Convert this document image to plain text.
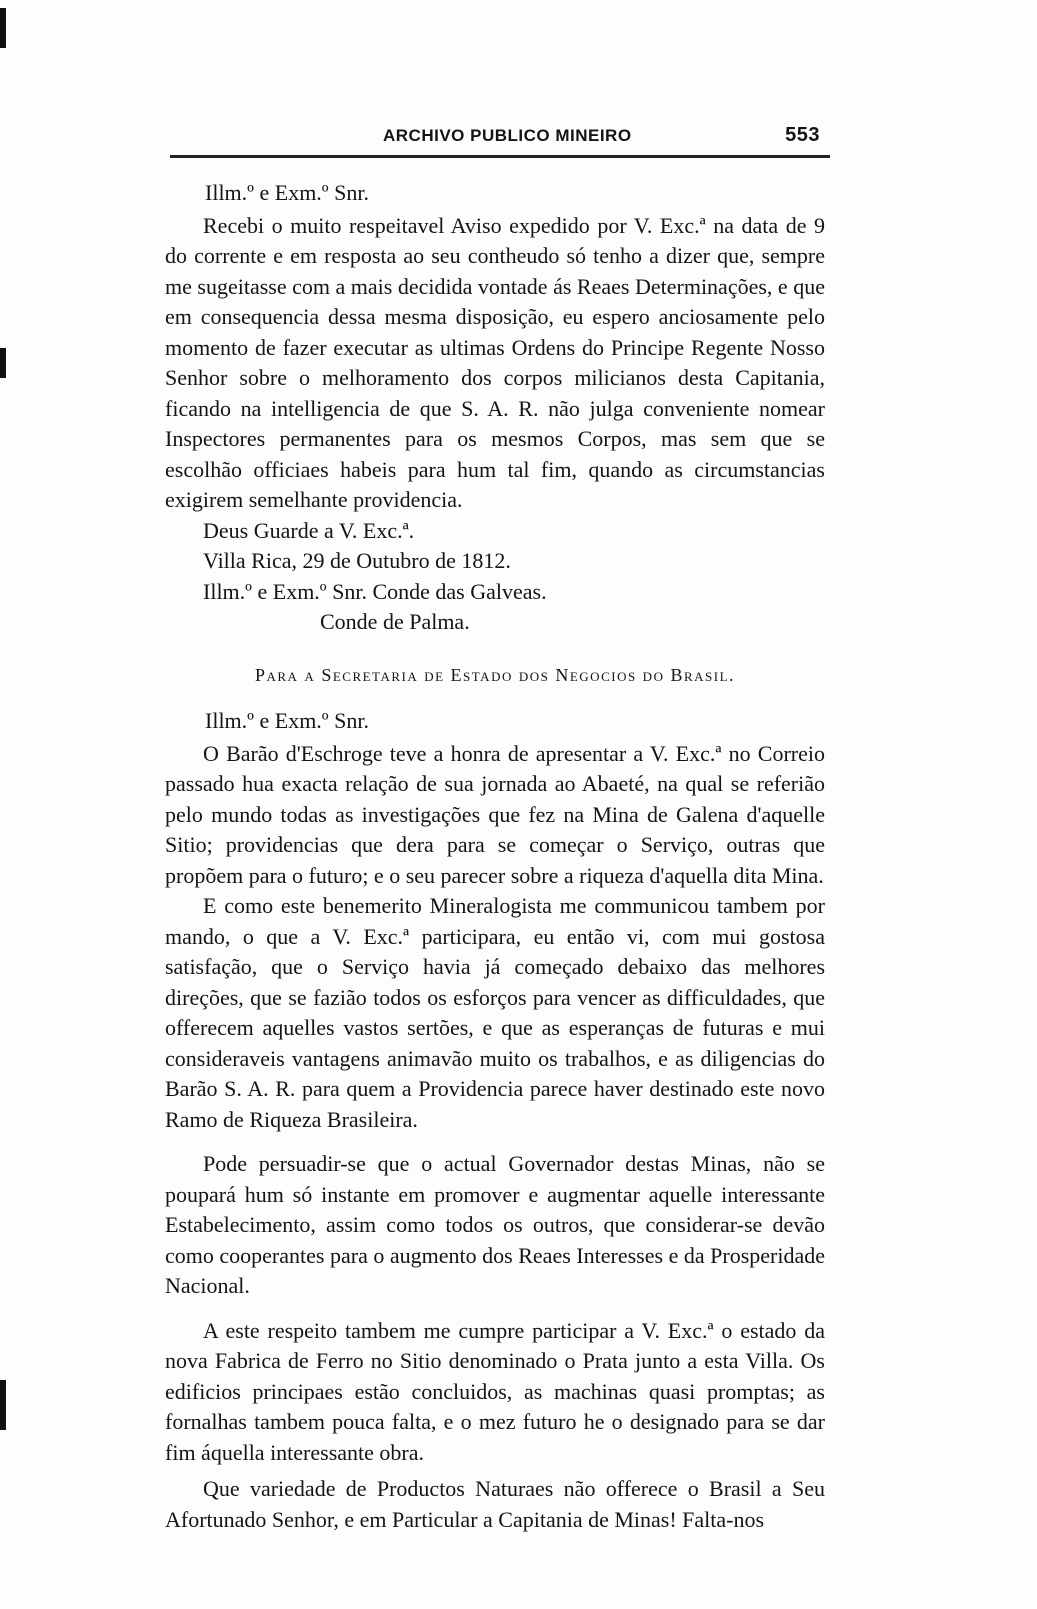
ARCHIVO PUBLICO MINEIRO	553

Illm.º e Exm.º Snr.

Recebi o muito respeitavel Aviso expedido por V. Exc.ª na data de 9 do corrente e em resposta ao seu contheudo só tenho a dizer que, sempre me sugeitasse com a mais decidida vontade ás Reaes Determinações, e que em consequencia dessa mesma disposição, eu espero anciosamente pelo momento de fazer executar as ultimas Ordens do Principe Regente Nosso Senhor sobre o melhoramento dos corpos milicianos desta Capitania, ficando na intelligencia de que S. A. R. não julga conveniente nomear Inspectores permanentes para os mesmos Corpos, mas sem que se escolhão officiaes habeis para hum tal fim, quando as circumstancias exigirem semelhante providencia.

Deus Guarde a V. Exc.ª.

Villa Rica, 29 de Outubro de 1812.

Illm.º e Exm.º Snr. Conde das Galveas.

Conde de Palma.

Para a Secretaria de Estado dos Negocios do Brasil.

Illm.º e Exm.º Snr.

O Barão d'Eschroge teve a honra de apresentar a V. Exc.ª no Correio passado hua exacta relação de sua jornada ao Abaeté, na qual se referião pelo mundo todas as investigações que fez na Mina de Galena d'aquelle Sitio; providencias que dera para se começar o Serviço, outras que propõem para o futuro; e o seu parecer sobre a riqueza d'aquella dita Mina.

E como este benemerito Mineralogista me communicou tambem por mando, o que a V. Exc.ª participara, eu então vi, com mui gostosa satisfação, que o Serviço havia já começado debaixo das melhores direções, que se fazião todos os esforços para vencer as difficuldades, que offerecem aquelles vastos sertões, e que as esperanças de futuras e mui consideraveis vantagens animavão muito os trabalhos, e as diligencias do Barão S. A. R. para quem a Providencia parece haver destinado este novo Ramo de Riqueza Brasileira.

Pode persuadir-se que o actual Governador destas Minas, não se poupará hum só instante em promover e augmentar aquelle interessante Estabelecimento, assim como todos os outros, que considerar-se devão como cooperantes para o augmento dos Reaes Interesses e da Prosperidade Nacional.

A este respeito tambem me cumpre participar a V. Exc.ª o estado da nova Fabrica de Ferro no Sitio denominado o Prata junto a esta Villa. Os edificios principaes estão concluidos, as machinas quasi promptas; as fornalhas tambem pouca falta, e o mez futuro he o designado para se dar fim áquella interessante obra.

Que variedade de Productos Naturaes não offerece o Brasil a Seu Afortunado Senhor, e em Particular a Capitania de Minas! Falta-nos
